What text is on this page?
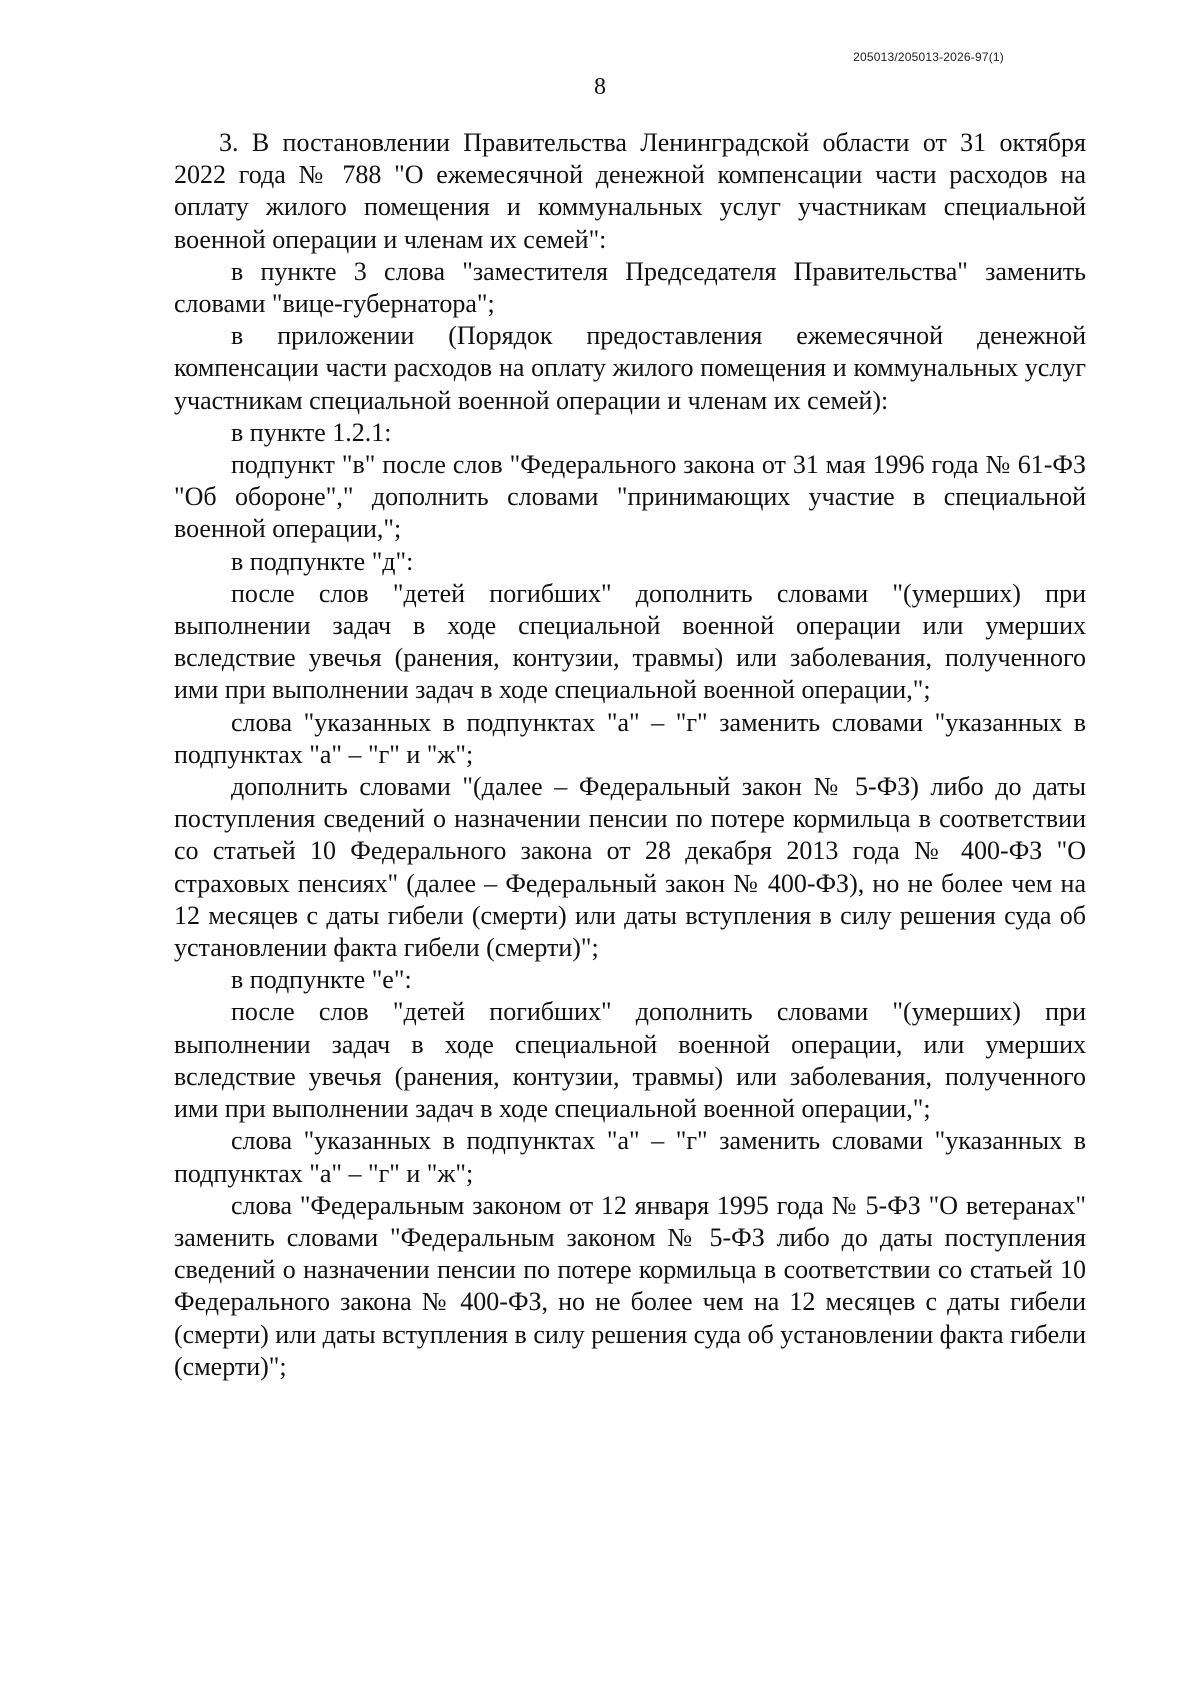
205013/205013-2026-97(1)
8

3. В постановлении Правительства Ленинградской области от 31 октября 2022 года № 788 "О ежемесячной денежной компенсации части расходов на оплату жилого помещения и коммунальных услуг участникам специальной военной операции и членам их семей":

в пункте 3 слова "заместителя Председателя Правительства" заменить словами "вице-губернатора";

в приложении (Порядок предоставления ежемесячной денежной компенсации части расходов на оплату жилого помещения и коммунальных услуг участникам специальной военной операции и членам их семей):

в пункте 1.2.1:

подпункт "в" после слов "Федерального закона от 31 мая 1996 года № 61-ФЗ "Об обороне"," дополнить словами "принимающих участие в специальной военной операции,";

в подпункте "д":

после слов "детей погибших" дополнить словами "(умерших) при выполнении задач в ходе специальной военной операции или умерших вследствие увечья (ранения, контузии, травмы) или заболевания, полученного ими при выполнении задач в ходе специальной военной операции,";

слова "указанных в подпунктах "а" – "г" заменить словами "указанных в подпунктах "а" – "г" и "ж";

дополнить словами "(далее – Федеральный закон № 5-ФЗ) либо до даты поступления сведений о назначении пенсии по потере кормильца в соответствии со статьей 10 Федерального закона от 28 декабря 2013 года № 400-ФЗ "О страховых пенсиях" (далее – Федеральный закон № 400-ФЗ), но не более чем на 12 месяцев с даты гибели (смерти) или даты вступления в силу решения суда об установлении факта гибели (смерти)";

в подпункте "е":

после слов "детей погибших" дополнить словами "(умерших) при выполнении задач в ходе специальной военной операции, или умерших вследствие увечья (ранения, контузии, травмы) или заболевания, полученного ими при выполнении задач в ходе специальной военной операции,";

слова "указанных в подпунктах "а" – "г" заменить словами "указанных в подпунктах "а" – "г" и "ж";

слова "Федеральным законом от 12 января 1995 года № 5-ФЗ "О ветеранах" заменить словами "Федеральным законом № 5-ФЗ либо до даты поступления сведений о назначении пенсии по потере кормильца в соответствии со статьей 10 Федерального закона № 400-ФЗ, но не более чем на 12 месяцев с даты гибели (смерти) или даты вступления в силу решения суда об установлении факта гибели (смерти)";
